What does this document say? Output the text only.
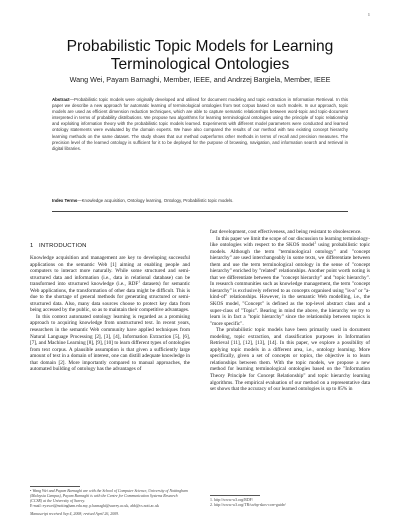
1
Probabilistic Topic Models for Learning
Terminological Ontologies
Wang Wei, Payam Barnaghi, Member, IEEE, and Andrzej Bargiela, Member, IEEE
Abstract—Probabilistic topic models were originally developed and utilised for document modeling and topic extraction in Information Retrieval. In this paper we describe a new approach for automatic learning of terminological ontologies from text corpus based on such models. In our approach, topic models are used as efficient dimension reduction techniques, which are able to capture semantic relationships between word-topic and topic-document interpreted in terms of probability distributions. We propose two algorithms for learning terminological ontologies using the principle of topic relationship and exploiting information theory with the probabilistic topic models learned. Experiments with different model parameters were conducted and learned ontology statements were evaluated by the domain experts. We have also compared the results of our method with two existing concept hierarchy learning methods on the same dataset. The study shows that our method outperforms other methods in terms of recall and precision measures. The precision level of the learned ontology is sufficient for it to be deployed for the purpose of browsing, navigation, and information search and retrieval in digital libraries.
Index Terms—Knowledge acquisition, Ontology learning, Ontology, Probabilistic topic models.
1 INTRODUCTION

Knowledge acquisition and management are key to developing successful applications on the semantic Web [1] aiming at enabling people and computers to interact more naturally. While some structured and semi-structured data and information (i.e., data in relational database) can be transformed into structured knowledge (i.e., RDF$^1$ datasets) for semantic Web applications, the transformation of other data might be difficult. This is due to the shortage of general methods for generating structured or semi-structured data. Also, many data sources choose to protect key data from being accessed by the public, so as to maintain their competitive advantages.

In this context automated ontology learning is regarded as a promising approach to acquiring knowledge from unstructured text. In recent years, researchers in the semantic Web community have applied techniques from Natural Language Processing [2], [3], [4], Information Extraction [5], [6], [7], and Machine Learning [8], [9], [10] to learn different types of ontologies from text corpus. A plausible assumption is that given a sufficiently large amount of text in a domain of interest, one can distill adequate knowledge in that domain [2]. More importantly compared to manual approaches, the automated building of ontology has the advantages of

• Wang Wei and Payam Barnaghi are with the School of Computer Science, University of Nottingham (Malaysia Campus), Payam Barnaghi is with the Centre for Communication Systems Research (CCSR) at the University of Surrey.
E-mail: eyxwei@nottingham.edu.my, p.barnaghi@surrey.ac.uk, abb@cs.nott.ac.uk
Manuscript received Sep 4, 2008; revised April 26, 2009.

fast development, cost effectiveness, and being resistant to obsolescence.

In this paper we limit the scope of our discussion to learning terminology-like ontologies with respect to the SKOS model$^2$ using probabilistic topic models. Although the term "terminological ontology" and "concept hierarchy" are used interchangeably in some texts, we differentiate between them and use the term terminological ontology in the sense of "concept hierarchy" enriched by "related" relationships. Another point worth noting is that we differentiate between the "concept hierarchy" and "topic hierarchy". In research communities such as knowledge management, the term "concept hierarchy" is exclusively referred to as concepts organised using "is-a" or "a-kind-of" relationships. However, in the semantic Web modelling, i.e., the SKOS model, "Concept" is defined as the top-level abstract class and a super-class of "Topic". Bearing in mind the above, the hierarchy we try to learn is in fact a "topic hierarchy" since the relationship between topics is "more specific".

The probabilistic topic models have been primarily used in document modeling, topic extraction, and classification purposes in Information Retrieval [11], [12], [13], [14]. In this paper, we explore a possibility of applying topic models in a different area, i.e., ontology learning. More specifically, given a set of concepts or topics, the objective is to learn relationships between them. With the topic models, we propose a new method for learning terminological ontologies based on the "Information Theory Principle for Concept Relationship" and topic hierarchy learning algorithms. The empirical evaluation of our method on a representative data set shows that the accuracy of our learned ontologies is up to 85% in

1. http://www.w3.org/RDF/
2. http://www.w3.org/TR/swbp-skos-core-guide/
